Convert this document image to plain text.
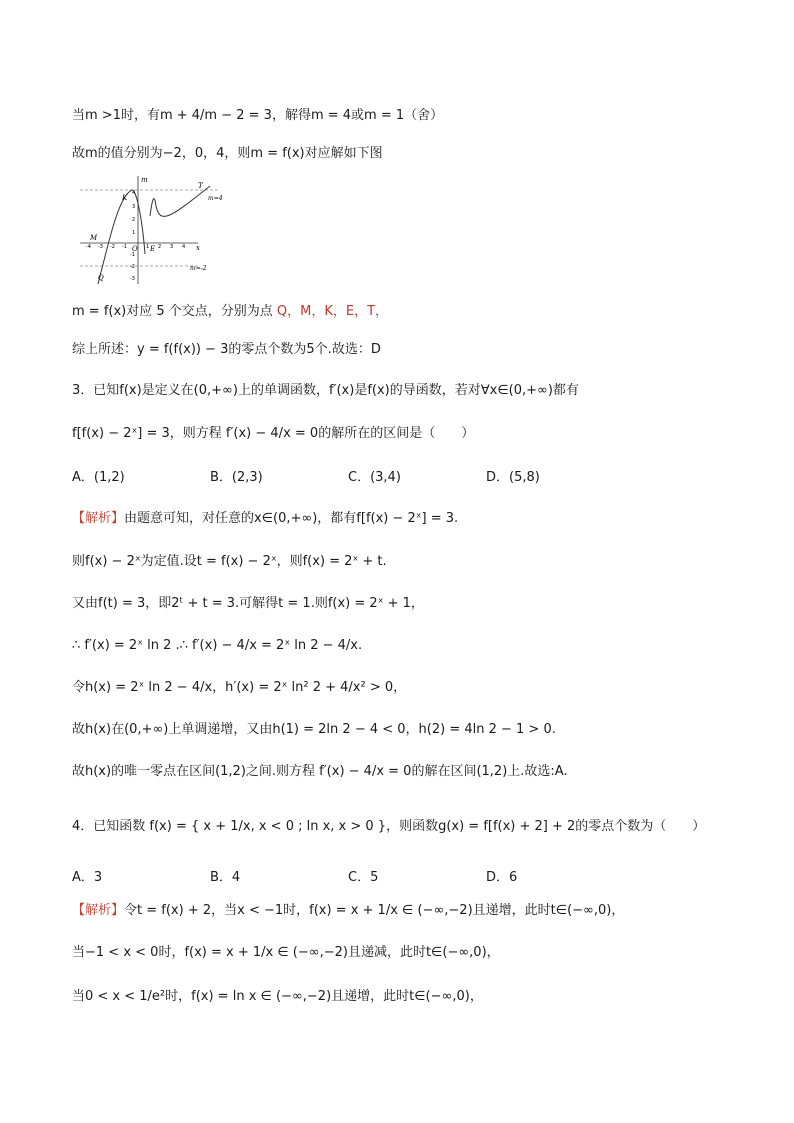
当m >1时，有m + 4/m − 2 = 3，解得m = 4或m = 1（舍）
故m的值分别为−2，0，4，则m = f(x)对应解如下图
m
x
O
K
T
M
E
Q
m=4
m=-2
-4 -3 -2 -1	1 2 3 4
4
3
2
1
-1
-2
-3
m = f(x)对应 5 个交点，分别为点 Q，M，K，E，T，
综上所述：y = f(f(x)) − 3的零点个数为5个.故选：D
3．已知f(x)是定义在(0,+∞)上的单调函数，f′(x)是f(x)的导函数，若对∀x∈(0,+∞)都有
f[f(x) − 2ˣ] = 3，则方程 f′(x) − 4/x = 0的解所在的区间是（　　）
A．(1,2)	B．(2,3)	C．(3,4)	D．(5,8)
【解析】由题意可知，对任意的x∈(0,+∞)，都有f[f(x) − 2ˣ] = 3.
则f(x) − 2ˣ为定值.设t = f(x) − 2ˣ，则f(x) = 2ˣ + t.
又由f(t) = 3，即2ᵗ + t = 3.可解得t = 1.则f(x) = 2ˣ + 1，
∴ f′(x) = 2ˣ ln 2 .∴ f′(x) − 4/x = 2ˣ ln 2 − 4/x.
令h(x) = 2ˣ ln 2 − 4/x，h′(x) = 2ˣ ln² 2 + 4/x² > 0，
故h(x)在(0,+∞)上单调递增，又由h(1) = 2ln 2 − 4 < 0，h(2) = 4ln 2 − 1 > 0.
故h(x)的唯一零点在区间(1,2)之间.则方程 f′(x) − 4/x = 0的解在区间(1,2)上.故选:A.
4．已知函数 f(x) = { x + 1/x, x < 0 ; ln x, x > 0 }，则函数g(x) = f[f(x) + 2] + 2的零点个数为（　　）
A．3	B．4	C．5	D．6
【解析】令t = f(x) + 2，当x < −1时，f(x) = x + 1/x ∈ (−∞,−2)且递增，此时t∈(−∞,0)，
当−1 < x < 0时，f(x) = x + 1/x ∈ (−∞,−2)且递减，此时t∈(−∞,0)，
当0 < x < 1/e²时，f(x) = ln x ∈ (−∞,−2)且递增，此时t∈(−∞,0)，
